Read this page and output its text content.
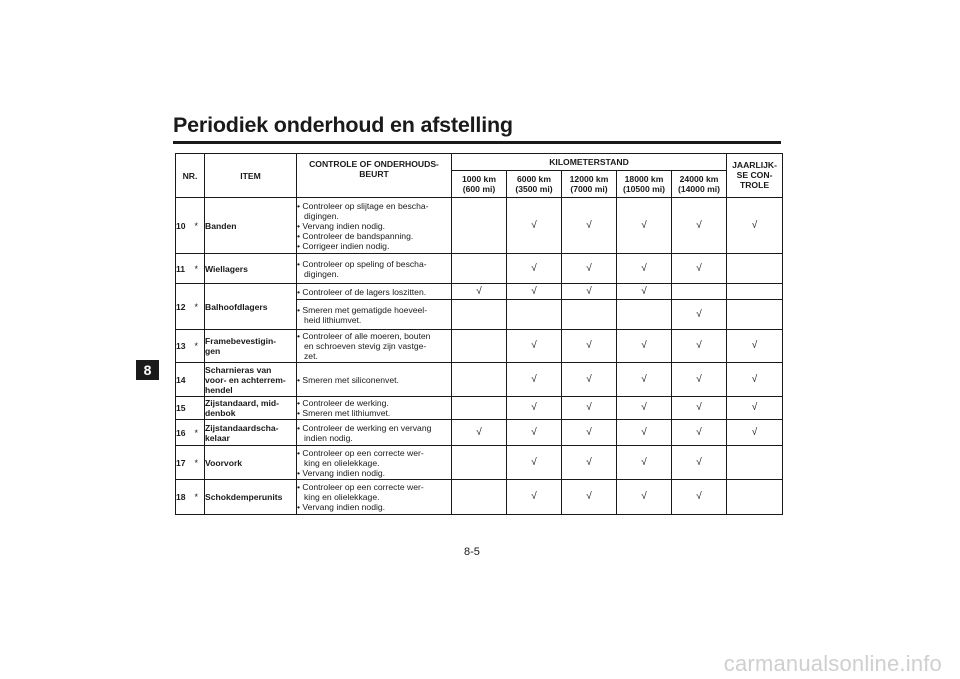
Periodiek onderhoud en afstelling
8
NR.		ITEM	CONTROLE OF ONDERHOUDS-
BEURT	KILOMETERSTAND					JAARLIJK-
SE CON-
TROLE
				1000 km
(600 mi)	6000 km
(3500 mi)	12000 km
(7000 mi)	18000 km
(10500 mi)	24000 km
(14000 mi)	
10	*	Banden	• Controleer op slijtage en bescha-
digingen.
• Vervang indien nodig.
• Controleer de bandspanning.
• Corrigeer indien nodig.		√	√	√	√	√
11	*	Wiellagers	• Controleer op speling of bescha-
digingen.		√	√	√	√	
12	*	Balhoofdlagers	• Controleer of de lagers loszitten.	√	√	√	√		

			• Smeren met gematigde hoeveel-
heid lithiumvet.					√	
13	*	Framebevestigin-
gen	• Controleer of alle moeren, bouten
en schroeven stevig zijn vastge-
zet.		√	√	√	√	√
14		Scharnieras van
voor- en achterrem-
hendel	• Smeren met siliconenvet.		√	√	√	√	√
15		Zijstandaard, mid-
denbok	• Controleer de werking.
• Smeren met lithiumvet.		√	√	√	√	√
16	*	Zijstandaardscha-
kelaar	• Controleer de werking en vervang
indien nodig.	√	√	√	√	√	√
17	*	Voorvork	• Controleer op een correcte wer-
king en olielekkage.
• Vervang indien nodig.		√	√	√	√	
18	*	Schokdemperunits	• Controleer op een correcte wer-
king en olielekkage.
• Vervang indien nodig.		√	√	√	√	
8-5
carmanualsonline.info
